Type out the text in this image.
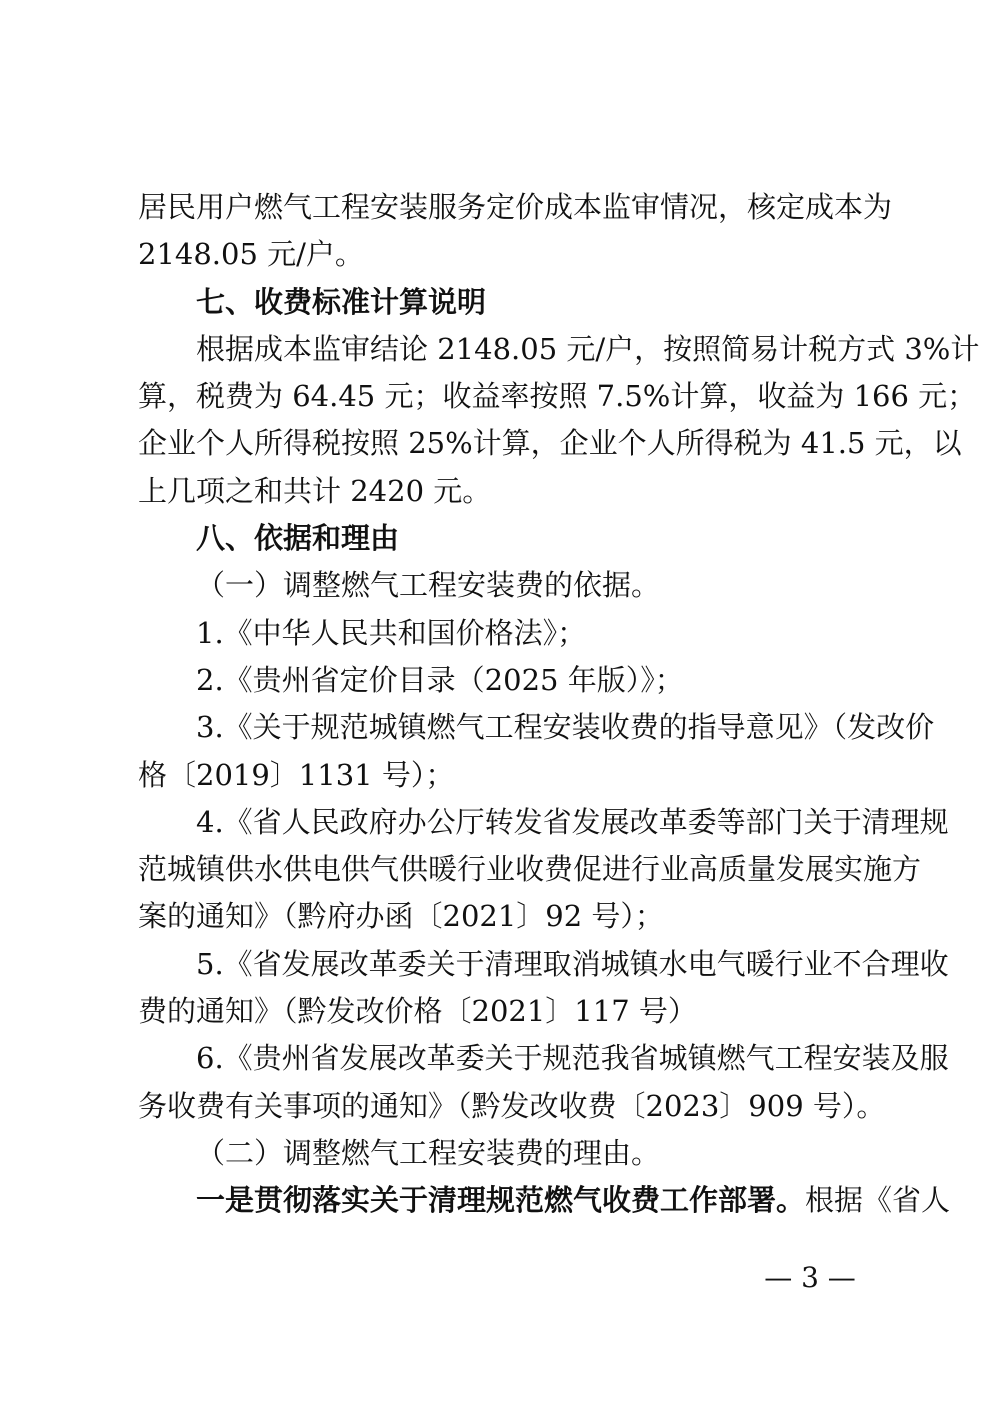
居民用户燃气工程安装服务定价成本监审情况，核定成本为

2148.05 元/户。

七、收费标准计算说明

根据成本监审结论 2148.05 元/户，按照简易计税方式 3%计

算，税费为 64.45 元；收益率按照 7.5%计算，收益为 166 元；

企业个人所得税按照 25%计算，企业个人所得税为 41.5 元，以

上几项之和共计 2420 元。

八、依据和理由

（一）调整燃气工程安装费的依据。

1.《中华人民共和国价格法》；

2.《贵州省定价目录（2025 年版）》；

3.《关于规范城镇燃气工程安装收费的指导意见》（发改价

格〔2019〕1131 号）；

4.《省人民政府办公厅转发省发展改革委等部门关于清理规

范城镇供水供电供气供暖行业收费促进行业高质量发展实施方

案的通知》（黔府办函〔2021〕92 号）；

5.《省发展改革委关于清理取消城镇水电气暖行业不合理收

费的通知》（黔发改价格〔2021〕117 号）

6.《贵州省发展改革委关于规范我省城镇燃气工程安装及服

务收费有关事项的通知》（黔发改收费〔2023〕909 号）。

（二）调整燃气工程安装费的理由。

一是贯彻落实关于清理规范燃气收费工作部署。根据《省人

— 3 —
